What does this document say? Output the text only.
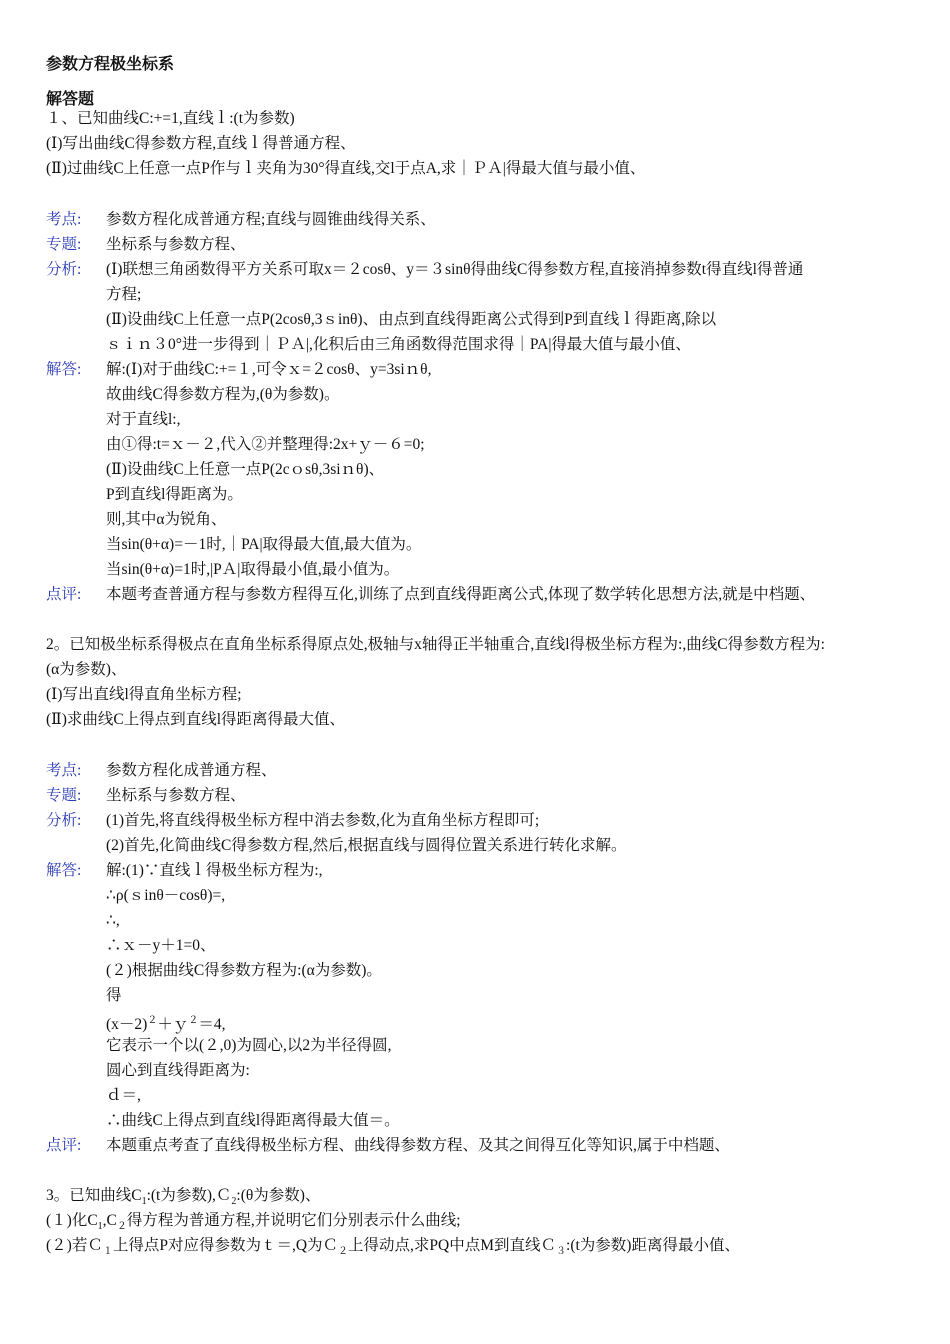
参数方程极坐标系
解答题
１、已知曲线C:+=1,直线ｌ:(t为参数)
(Ⅰ)写出曲线C得参数方程,直线ｌ得普通方程、
(Ⅱ)过曲线C上任意一点P作与ｌ夹角为30°得直线,交l于点A,求｜ＰＡ|得最大值与最小值、
考点: 参数方程化成普通方程;直线与圆锥曲线得关系、
专题: 坐标系与参数方程、
分析: (Ⅰ)联想三角函数得平方关系可取x＝２cosθ、y＝３sinθ得曲线C得参数方程,直接消掉参数t得直线l得普通
方程;
(Ⅱ)设曲线C上任意一点P(2cosθ,3ｓinθ)、由点到直线得距离公式得到P到直线ｌ得距离,除以
ｓｉｎ３0°进一步得到｜ＰＡ|,化积后由三角函数得范围求得｜PA|得最大值与最小值、
解答: 解:(Ⅰ)对于曲线C:+=１,可令ｘ=２cosθ、y=3siｎθ,
故曲线C得参数方程为,(θ为参数)。
对于直线l:,
由①得:t=ｘ－２,代入②并整理得:2x+ｙ－６=0;
(Ⅱ)设曲线C上任意一点P(2cｏsθ,3siｎθ)、
P到直线l得距离为。
则,其中α为锐角、
当sin(θ+α)=－1时,｜PA|取得最大值,最大值为。
当sin(θ+α)=1时,|PＡ|取得最小值,最小值为。
点评: 本题考查普通方程与参数方程得互化,训练了点到直线得距离公式,体现了数学转化思想方法,就是中档题、
2。已知极坐标系得极点在直角坐标系得原点处,极轴与x轴得正半轴重合,直线l得极坐标方程为:,曲线C得参数方程为:
(α为参数)、
(Ⅰ)写出直线l得直角坐标方程;
(Ⅱ)求曲线C上得点到直线l得距离得最大值、
考点: 参数方程化成普通方程、
专题: 坐标系与参数方程、
分析: (1)首先,将直线得极坐标方程中消去参数,化为直角坐标方程即可;
(2)首先,化简曲线C得参数方程,然后,根据直线与圆得位置关系进行转化求解。
解答: 解:(1)∵直线ｌ得极坐标方程为:,
∴ρ(ｓinθ－cosθ)=,
∴,
∴ｘ－y＋1=0、
(２)根据曲线C得参数方程为:(α为参数)。
得
$(x-2)^2+y^2=4$,
它表示一个以(２,0)为圆心,以2为半径得圆,
圆心到直线得距离为:
ｄ＝,
∴曲线C上得点到直线l得距离得最大值＝。
点评: 本题重点考查了直线得极坐标方程、曲线得参数方程、及其之间得互化等知识,属于中档题、
3。已知曲线$C_1:(t$为参数),Ｃ$_2$:(θ为参数)、
(１)化$C_1,C_2$得方程为普通方程,并说明它们分别表示什么曲线;
(２)若Ｃ$_1$上得点P对应得参数为ｔ＝,Q为Ｃ$_2$上得动点,求PQ中点M到直线Ｃ$_3$:(t为参数)距离得最小值、
